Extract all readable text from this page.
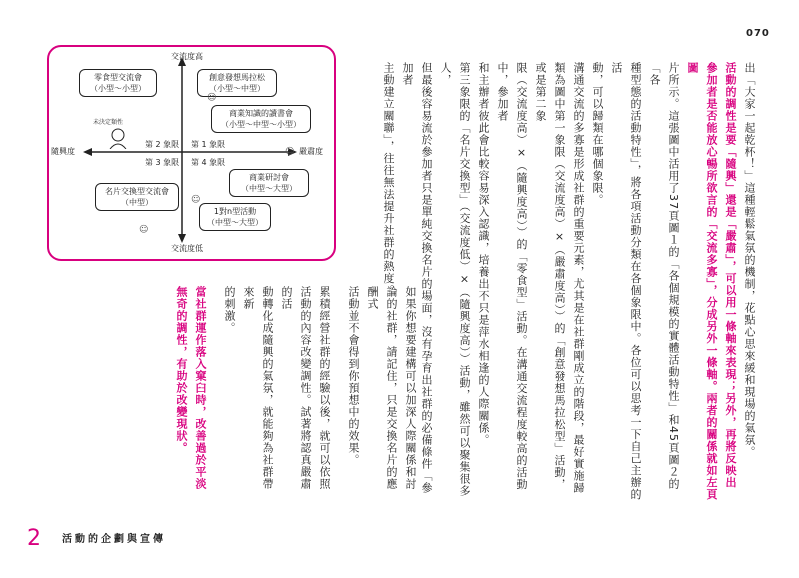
070
交流度高
交流度低
隨興度	嚴肅度
第 2 象限 第 1 象限
第 3 象限 第 4 象限
零食型交流會
（小型～小型）
創意發想馬拉松
（小型～中型）
商業知識的讀書會
（小型～中型～小型）
商業研討會
（中型～大型）
名片交換型交流會
（中型）
1對n型活動
（中型～大型）
未決定類性
☺
☺
☺
☺	出「大家一起乾杯！」這種輕鬆氣氛的機制，花點心思來緩和現場的氣氛。
活動的調性是要「隨興」還是「嚴肅」，可以用一條軸來表現；另外，再將反映出
參加者是否能放心暢所欲言的「交流多寡」，分成另外一條軸。兩者的關係就如左頁圖
片所示。這張圖中活用了37頁圖１的「各個規模的實體活動特性」和45頁圖２的「各
種型態的活動特性」，將各項活動分類在各個象限中。各位可以思考一下自己主辦的活
動，可以歸類在哪個象限。
溝通交流的多寡是形成社群的重要元素，尤其是在社群剛成立的階段，最好實施歸
類為圖中第一象限（交流度高）×（嚴肅度高））的「創意發想馬拉松型」活動，或是第二象
限（交流度高）×（隨興度高））的「零食型」活動。在溝通交流程度較高的活動中，參加者
和主辦者彼此會比較容易深入認識，培養出不只是萍水相逢的人際關係。
第三象限的「名片交換型」（交流度低）×（隨興度高））活動，雖然可以聚集很多人，
但最後容易流於參加者只是單純交換名片的場面，沒有孕育出社群的必備條件「參加者
主動建立關聯」，往往無法提升社群的熱度。
如果你想要建構可以加深人際關係和討
論的社群，請記住，只是交換名片的應酬式
活動並不會得到你預想中的效果。
累積經營社群的經驗以後，就可以依照
活動的內容改變調性。試著將認真嚴肅的活
動轉化成隨興的氣氛，就能夠為社群帶來新
的刺激。
當社群運作落入窠臼時，改善過於平淡
無奇的調性，有助於改變現狀。
2 活動的企劃與宣傳
